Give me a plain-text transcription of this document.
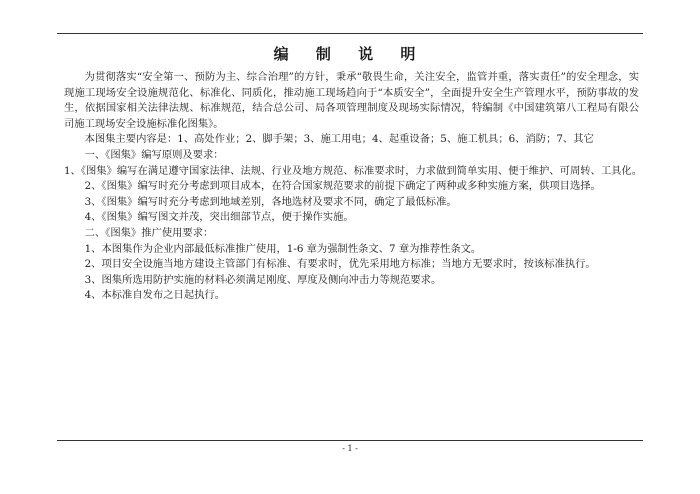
编 制 说 明

为贯彻落实“安全第一、预防为主、综合治理”的方针，秉承“敬畏生命，关注安全，监管并重，落实责任”的安全理念，实现施工现场安全设施规范化、标准化、同质化，推动施工现场趋向于“本质安全”，全面提升安全生产管理水平，预防事故的发生，依据国家相关法律法规、标准规范，结合总公司、局各项管理制度及现场实际情况，特编制《中国建筑第八工程局有限公司施工现场安全设施标准化图集》。

本图集主要内容是：1、高处作业；2、脚手架；3、施工用电；4、起重设备；5、施工机具；6、消防；7、其它

一、《图集》编写原则及要求：

1、《图集》编写在满足遵守国家法律、法规、行业及地方规范、标准要求时，力求做到简单实用、便于维护、可周转、工具化。

2、《图集》编写时充分考虑到项目成本，在符合国家规范要求的前提下确定了两种或多种实施方案，供项目选择。

3、《图集》编写时充分考虑到地域差别，各地选材及要求不同，确定了最低标准。

4、《图集》编写图文并茂，突出细部节点，便于操作实施。

二、《图集》推广使用要求：

1、本图集作为企业内部最低标准推广使用，1-6 章为强制性条文、7 章为推荐性条文。

2、项目安全设施当地方建设主管部门有标准、有要求时，优先采用地方标准；当地方无要求时，按该标准执行。

3、图集所选用防护实施的材料必须满足刚度、厚度及侧向冲击力等规范要求。

4、本标准自发布之日起执行。

- 1 -
